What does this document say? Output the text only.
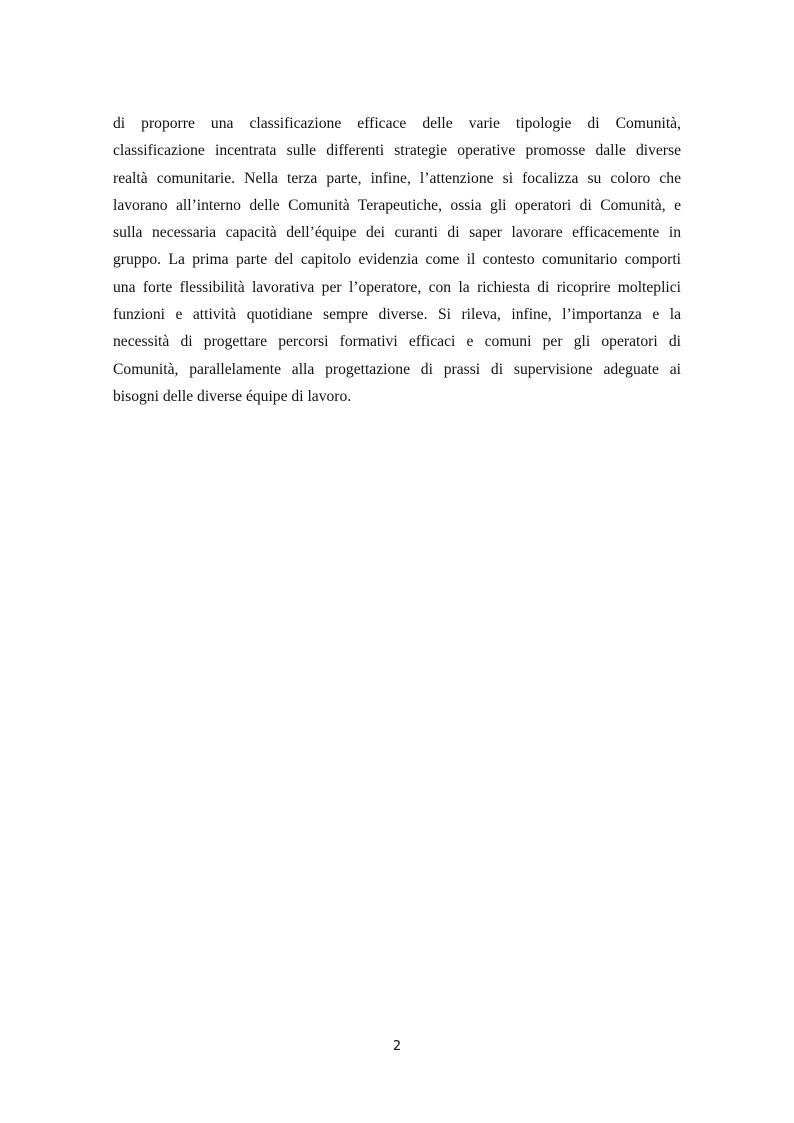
di proporre una classificazione efficace delle varie tipologie di Comunità,
classificazione incentrata sulle differenti strategie operative promosse dalle diverse
realtà comunitarie. Nella terza parte, infine, l’attenzione si focalizza su coloro che
lavorano all’interno delle Comunità Terapeutiche, ossia gli operatori di Comunità, e
sulla necessaria capacità dell’équipe dei curanti di saper lavorare efficacemente in
gruppo. La prima parte del capitolo evidenzia come il contesto comunitario comporti
una forte flessibilità lavorativa per l’operatore, con la richiesta di ricoprire molteplici
funzioni e attività quotidiane sempre diverse. Si rileva, infine, l’importanza e la
necessità di progettare percorsi formativi efficaci e comuni per gli operatori di
Comunità, parallelamente alla progettazione di prassi di supervisione adeguate ai
bisogni delle diverse équipe di lavoro.

2
